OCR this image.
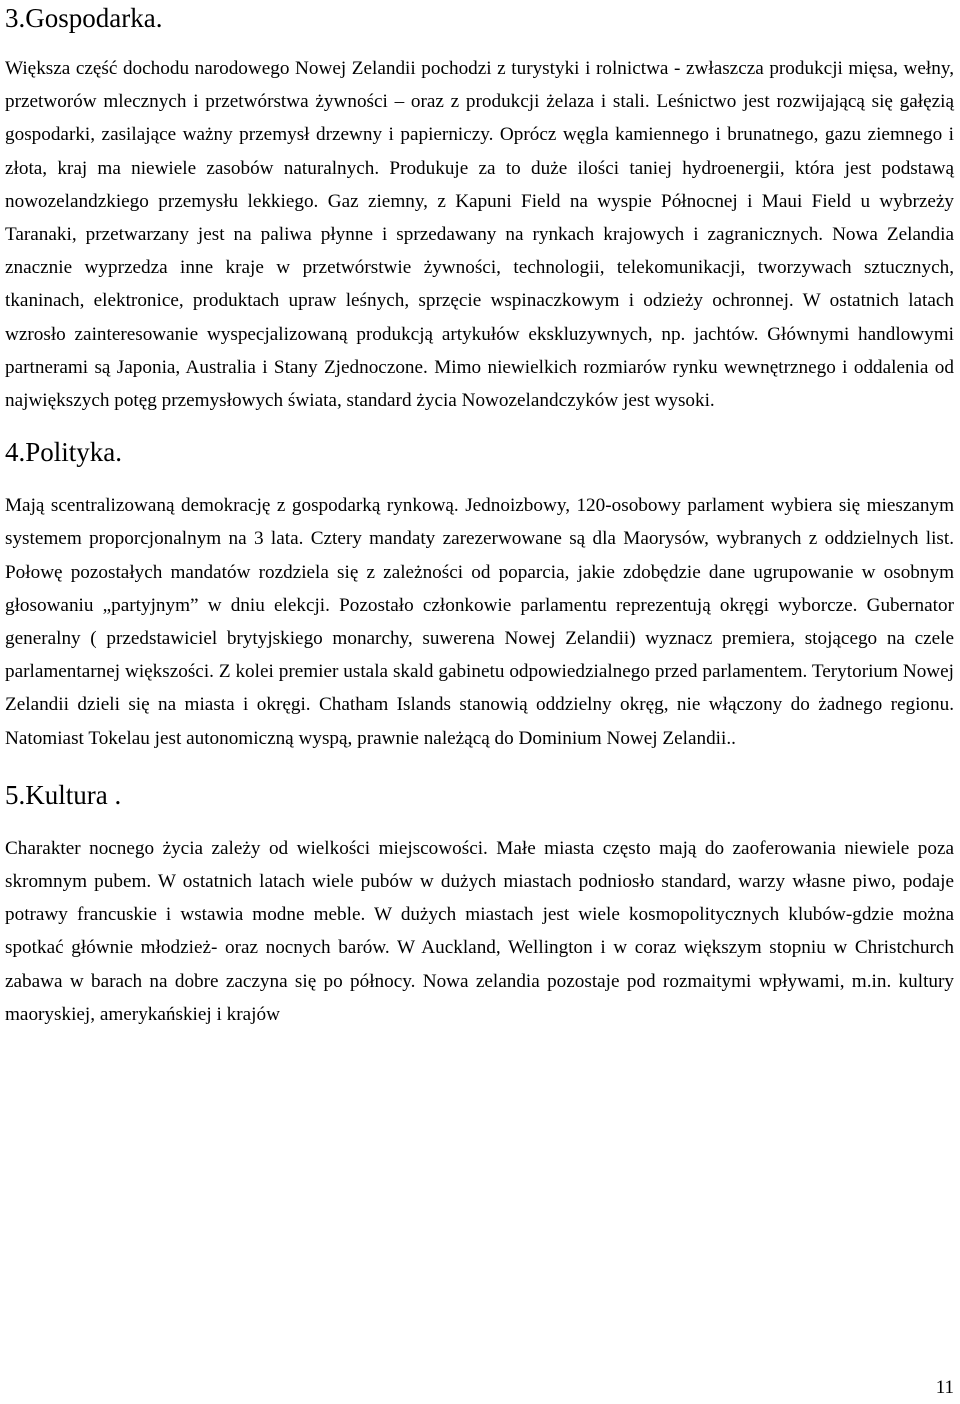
3.Gospodarka.

Większa część dochodu narodowego Nowej Zelandii pochodzi z turystyki i rolnictwa - zwłaszcza produkcji mięsa, wełny, przetworów mlecznych i przetwórstwa żywności – oraz z produkcji żelaza i stali. Leśnictwo jest rozwijającą się gałęzią gospodarki, zasilające ważny przemysł drzewny i papierniczy. Oprócz węgla kamiennego i brunatnego, gazu ziemnego i złota, kraj ma niewiele zasobów naturalnych. Produkuje za to duże ilości taniej hydroenergii, która jest podstawą nowozelandzkiego przemysłu lekkiego. Gaz ziemny, z Kapuni Field na wyspie Północnej i Maui Field u wybrzeży Taranaki, przetwarzany jest na paliwa płynne i sprzedawany na rynkach krajowych i zagranicznych. Nowa Zelandia znacznie wyprzedza inne kraje w przetwórstwie żywności, technologii, telekomunikacji, tworzywach sztucznych, tkaninach, elektronice, produktach upraw leśnych, sprzęcie wspinaczkowym i odzieży ochronnej. W ostatnich latach wzrosło zainteresowanie wyspecjalizowaną produkcją artykułów ekskluzywnych, np. jachtów. Głównymi handlowymi partnerami są Japonia, Australia i Stany Zjednoczone. Mimo niewielkich rozmiarów rynku wewnętrznego i oddalenia od największych potęg przemysłowych świata, standard życia Nowozelandczyków jest wysoki.

4.Polityka.

Mają scentralizowaną demokrację z gospodarką rynkową. Jednoizbowy, 120-osobowy parlament wybiera się mieszanym systemem proporcjonalnym na 3 lata. Cztery mandaty zarezerwowane są dla Maorysów, wybranych z oddzielnych list. Połowę pozostałych mandatów rozdziela się z zależności od poparcia, jakie zdobędzie dane ugrupowanie w osobnym głosowaniu „partyjnym” w dniu elekcji. Pozostało członkowie parlamentu reprezentują okręgi wyborcze. Gubernator generalny ( przedstawiciel brytyjskiego monarchy, suwerena Nowej Zelandii) wyznacz premiera, stojącego na czele parlamentarnej większości. Z kolei premier ustala skald gabinetu odpowiedzialnego przed parlamentem. Terytorium Nowej Zelandii dzieli się na miasta i okręgi. Chatham Islands stanowią oddzielny okręg, nie włączony do żadnego regionu. Natomiast Tokelau jest autonomiczną wyspą, prawnie należącą do Dominium Nowej Zelandii..

5.Kultura .

Charakter nocnego życia zależy od wielkości miejscowości. Małe miasta często mają do zaoferowania niewiele poza skromnym pubem. W ostatnich latach wiele pubów w dużych miastach podniosło standard, warzy własne piwo, podaje potrawy francuskie i wstawia modne meble. W dużych miastach jest wiele kosmopolitycznych klubów-gdzie można spotkać głównie młodzież- oraz nocnych barów. W Auckland, Wellington i w coraz większym stopniu w Christchurch zabawa w barach na dobre zaczyna się po północy. Nowa zelandia pozostaje pod rozmaitymi wpływami, m.in. kultury maoryskiej, amerykańskiej i krajów

11
